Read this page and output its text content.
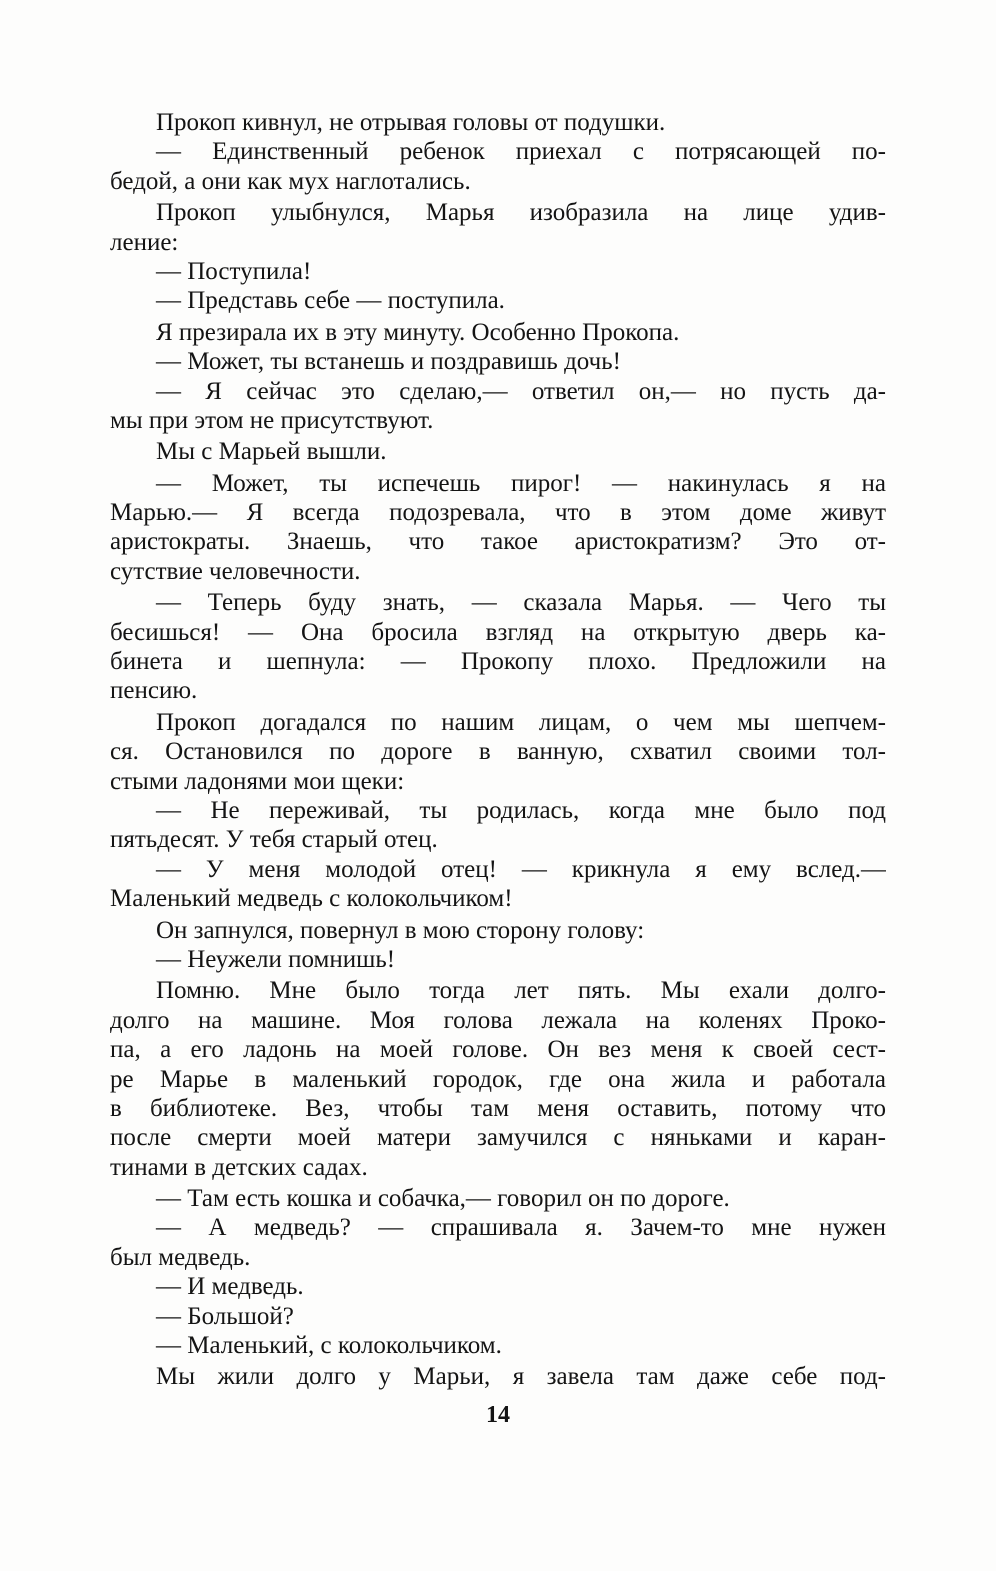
Прокоп кивнул, не отрывая головы от подушки.
— Единственный ребенок приехал с потрясающей по-
бедой, а они как мух наглотались.
Прокоп улыбнулся, Марья изобразила на лице удив-
ление:
— Поступила!
— Представь себе — поступила.
Я презирала их в эту минуту. Особенно Прокопа.
— Может, ты встанешь и поздравишь дочь!
— Я сейчас это сделаю,— ответил он,— но пусть да-
мы при этом не присутствуют.
Мы с Марьей вышли.
— Может, ты испечешь пирог! — накинулась я на
Марью.— Я всегда подозревала, что в этом доме живут
аристократы. Знаешь, что такое аристократизм? Это от-
сутствие человечности.
— Теперь буду знать, — сказала Марья. — Чего ты
бесишься! — Она бросила взгляд на открытую дверь ка-
бинета и шепнула: — Прокопу плохо. Предложили на
пенсию.
Прокоп догадался по нашим лицам, о чем мы шепчем-
ся. Остановился по дороге в ванную, схватил своими тол-
стыми ладонями мои щеки:
— Не переживай, ты родилась, когда мне было под
пятьдесят. У тебя старый отец.
— У меня молодой отец! — крикнула я ему вслед.—
Маленький медведь с колокольчиком!
Он запнулся, повернул в мою сторону голову:
— Неужели помнишь!
Помню. Мне было тогда лет пять. Мы ехали долго-
долго на машине. Моя голова лежала на коленях Проко-
па, а его ладонь на моей голове. Он вез меня к своей сест-
ре Марье в маленький городок, где она жила и работала
в библиотеке. Вез, чтобы там меня оставить, потому что
после смерти моей матери замучился с няньками и каран-
тинами в детских садах.
— Там есть кошка и собачка,— говорил он по дороге.
— А медведь? — спрашивала я. Зачем-то мне нужен
был медведь.
— И медведь.
— Большой?
— Маленький, с колокольчиком.
Мы жили долго у Марьи, я завела там даже себе под-
14
